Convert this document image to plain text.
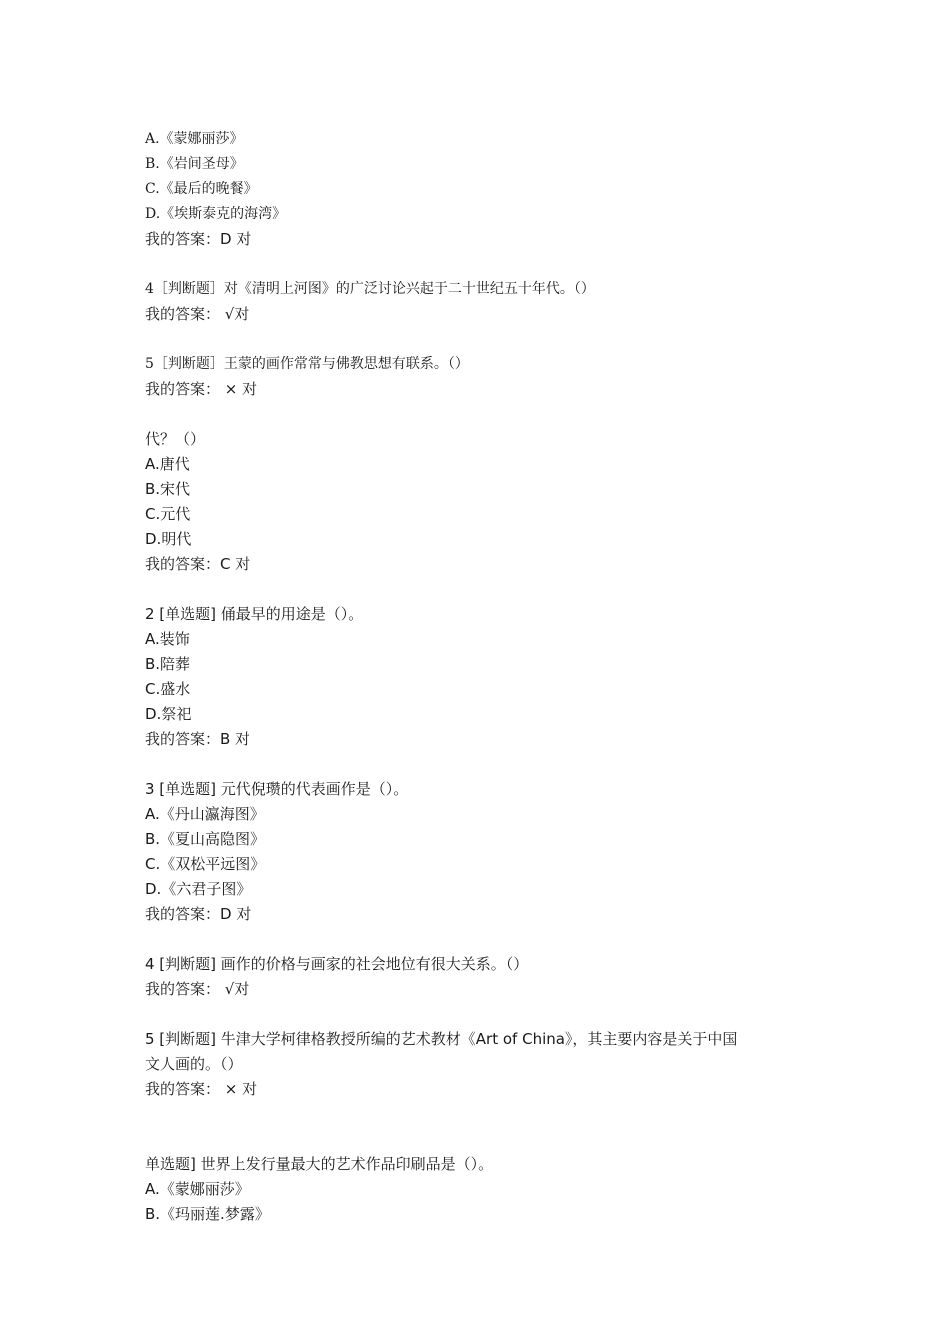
A.《蒙娜丽莎》
B.《岩间圣母》
C.《最后的晚餐》
D.《埃斯泰克的海湾》
我的答案：D 对
4［判断题］对《清明上河图》的广泛讨论兴起于二十世纪五十年代。（）
我的答案： √对
5［判断题］王蒙的画作常常与佛教思想有联系。（）
我的答案： × 对
代？（）
A.唐代
B.宋代
C.元代
D.明代
我的答案：C 对
2 [单选题] 俑最早的用途是（）。
A.装饰
B.陪葬
C.盛水
D.祭祀
我的答案：B 对
3 [单选题] 元代倪瓒的代表画作是（）。
A.《丹山瀛海图》
B.《夏山高隐图》
C.《双松平远图》
D.《六君子图》
我的答案：D 对
4 [判断题] 画作的价格与画家的社会地位有很大关系。（）
我的答案： √对
5 [判断题] 牛津大学柯律格教授所编的艺术教材《Art of China》，其主要内容是关于中国
文人画的。（）
我的答案： × 对
单选题] 世界上发行量最大的艺术作品印刷品是（）。
A.《蒙娜丽莎》
B.《玛丽莲.梦露》
